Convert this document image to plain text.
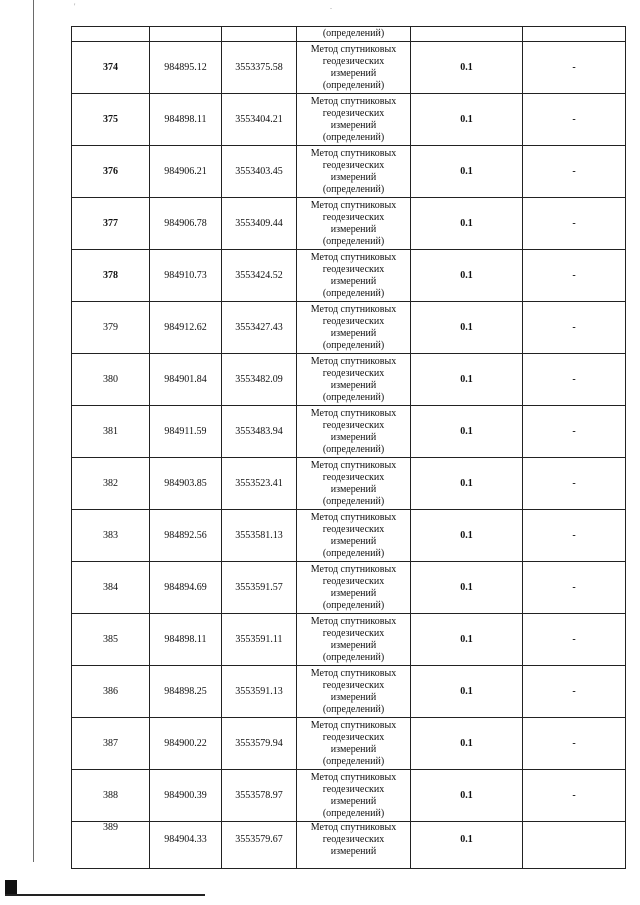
'	.
			(определений)		
374	984895.12	3553375.58	Метод спутниковых
геодезических
измерений
(определений)	0.1	-
375	984898.11	3553404.21	Метод спутниковых
геодезических
измерений
(определений)	0.1	-
376	984906.21	3553403.45	Метод спутниковых
геодезических
измерений
(определений)	0.1	-
377	984906.78	3553409.44	Метод спутниковых
геодезических
измерений
(определений)	0.1	-
378	984910.73	3553424.52	Метод спутниковых
геодезических
измерений
(определений)	0.1	-
379	984912.62	3553427.43	Метод спутниковых
геодезических
измерений
(определений)	0.1	-
380	984901.84	3553482.09	Метод спутниковых
геодезических
измерений
(определений)	0.1	-
381	984911.59	3553483.94	Метод спутниковых
геодезических
измерений
(определений)	0.1	-
382	984903.85	3553523.41	Метод спутниковых
геодезических
измерений
(определений)	0.1	-
383	984892.56	3553581.13	Метод спутниковых
геодезических
измерений
(определений)	0.1	-
384	984894.69	3553591.57	Метод спутниковых
геодезических
измерений
(определений)	0.1	-
385	984898.11	3553591.11	Метод спутниковых
геодезических
измерений
(определений)	0.1	-
386	984898.25	3553591.13	Метод спутниковых
геодезических
измерений
(определений)	0.1	-
387	984900.22	3553579.94	Метод спутниковых
геодезических
измерений
(определений)	0.1	-
388	984900.39	3553578.97	Метод спутниковых
геодезических
измерений
(определений)	0.1	-
389	984904.33	3553579.67	Метод спутниковых
геодезических
измерений	0.1	
